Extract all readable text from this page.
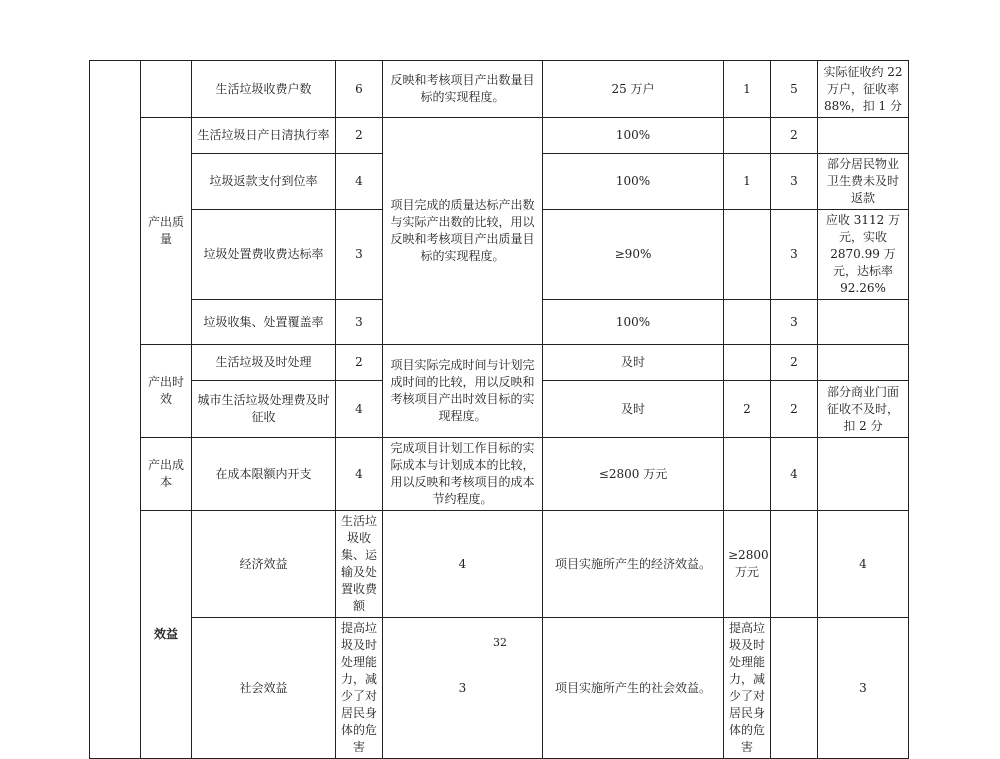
		生活垃圾收费户数	6	反映和考核项目产出数量目标的实现程度。	25 万户	1	5	实际征收约 22 万户，征收率 88%，扣 1 分	
	产出质量	生活垃圾日产日清执行率	2	项目完成的质量达标产出数与实际产出数的比较，用以反映和考核项目产出质量目标的实现程度。	100%		2		
		垃圾返款支付到位率	4		100%	1	3	部分居民物业卫生费未及时返款	
		垃圾处置费收费达标率	3		≥90%		3	应收 3112 万元，实收 2870.99 万元，达标率 92.26%	
		垃圾收集、处置覆盖率	3		100%		3		
	产出时效	生活垃圾及时处理	2	项目实际完成时间与计划完成时间的比较，用以反映和考核项目产出时效目标的实现程度。	及时		2		
		城市生活垃圾处理费及时征收	4		及时	2	2	部分商业门面征收不及时，扣 2 分	
	产出成本	在成本限额内开支	4	完成项目计划工作目标的实际成本与计划成本的比较，用以反映和考核项目的成本节约程度。	≤2800 万元		4		
	效益	经济效益	生活垃圾收集、运输及处置收费额	4	项目实施所产生的经济效益。	≥2800 万元		4	
		社会效益	提高垃圾及时处理能力，减少了对居民身体的危害	3	项目实施所产生的社会效益。	提高垃圾及时处理能力，减少了对居民身体的危害		3	
32
